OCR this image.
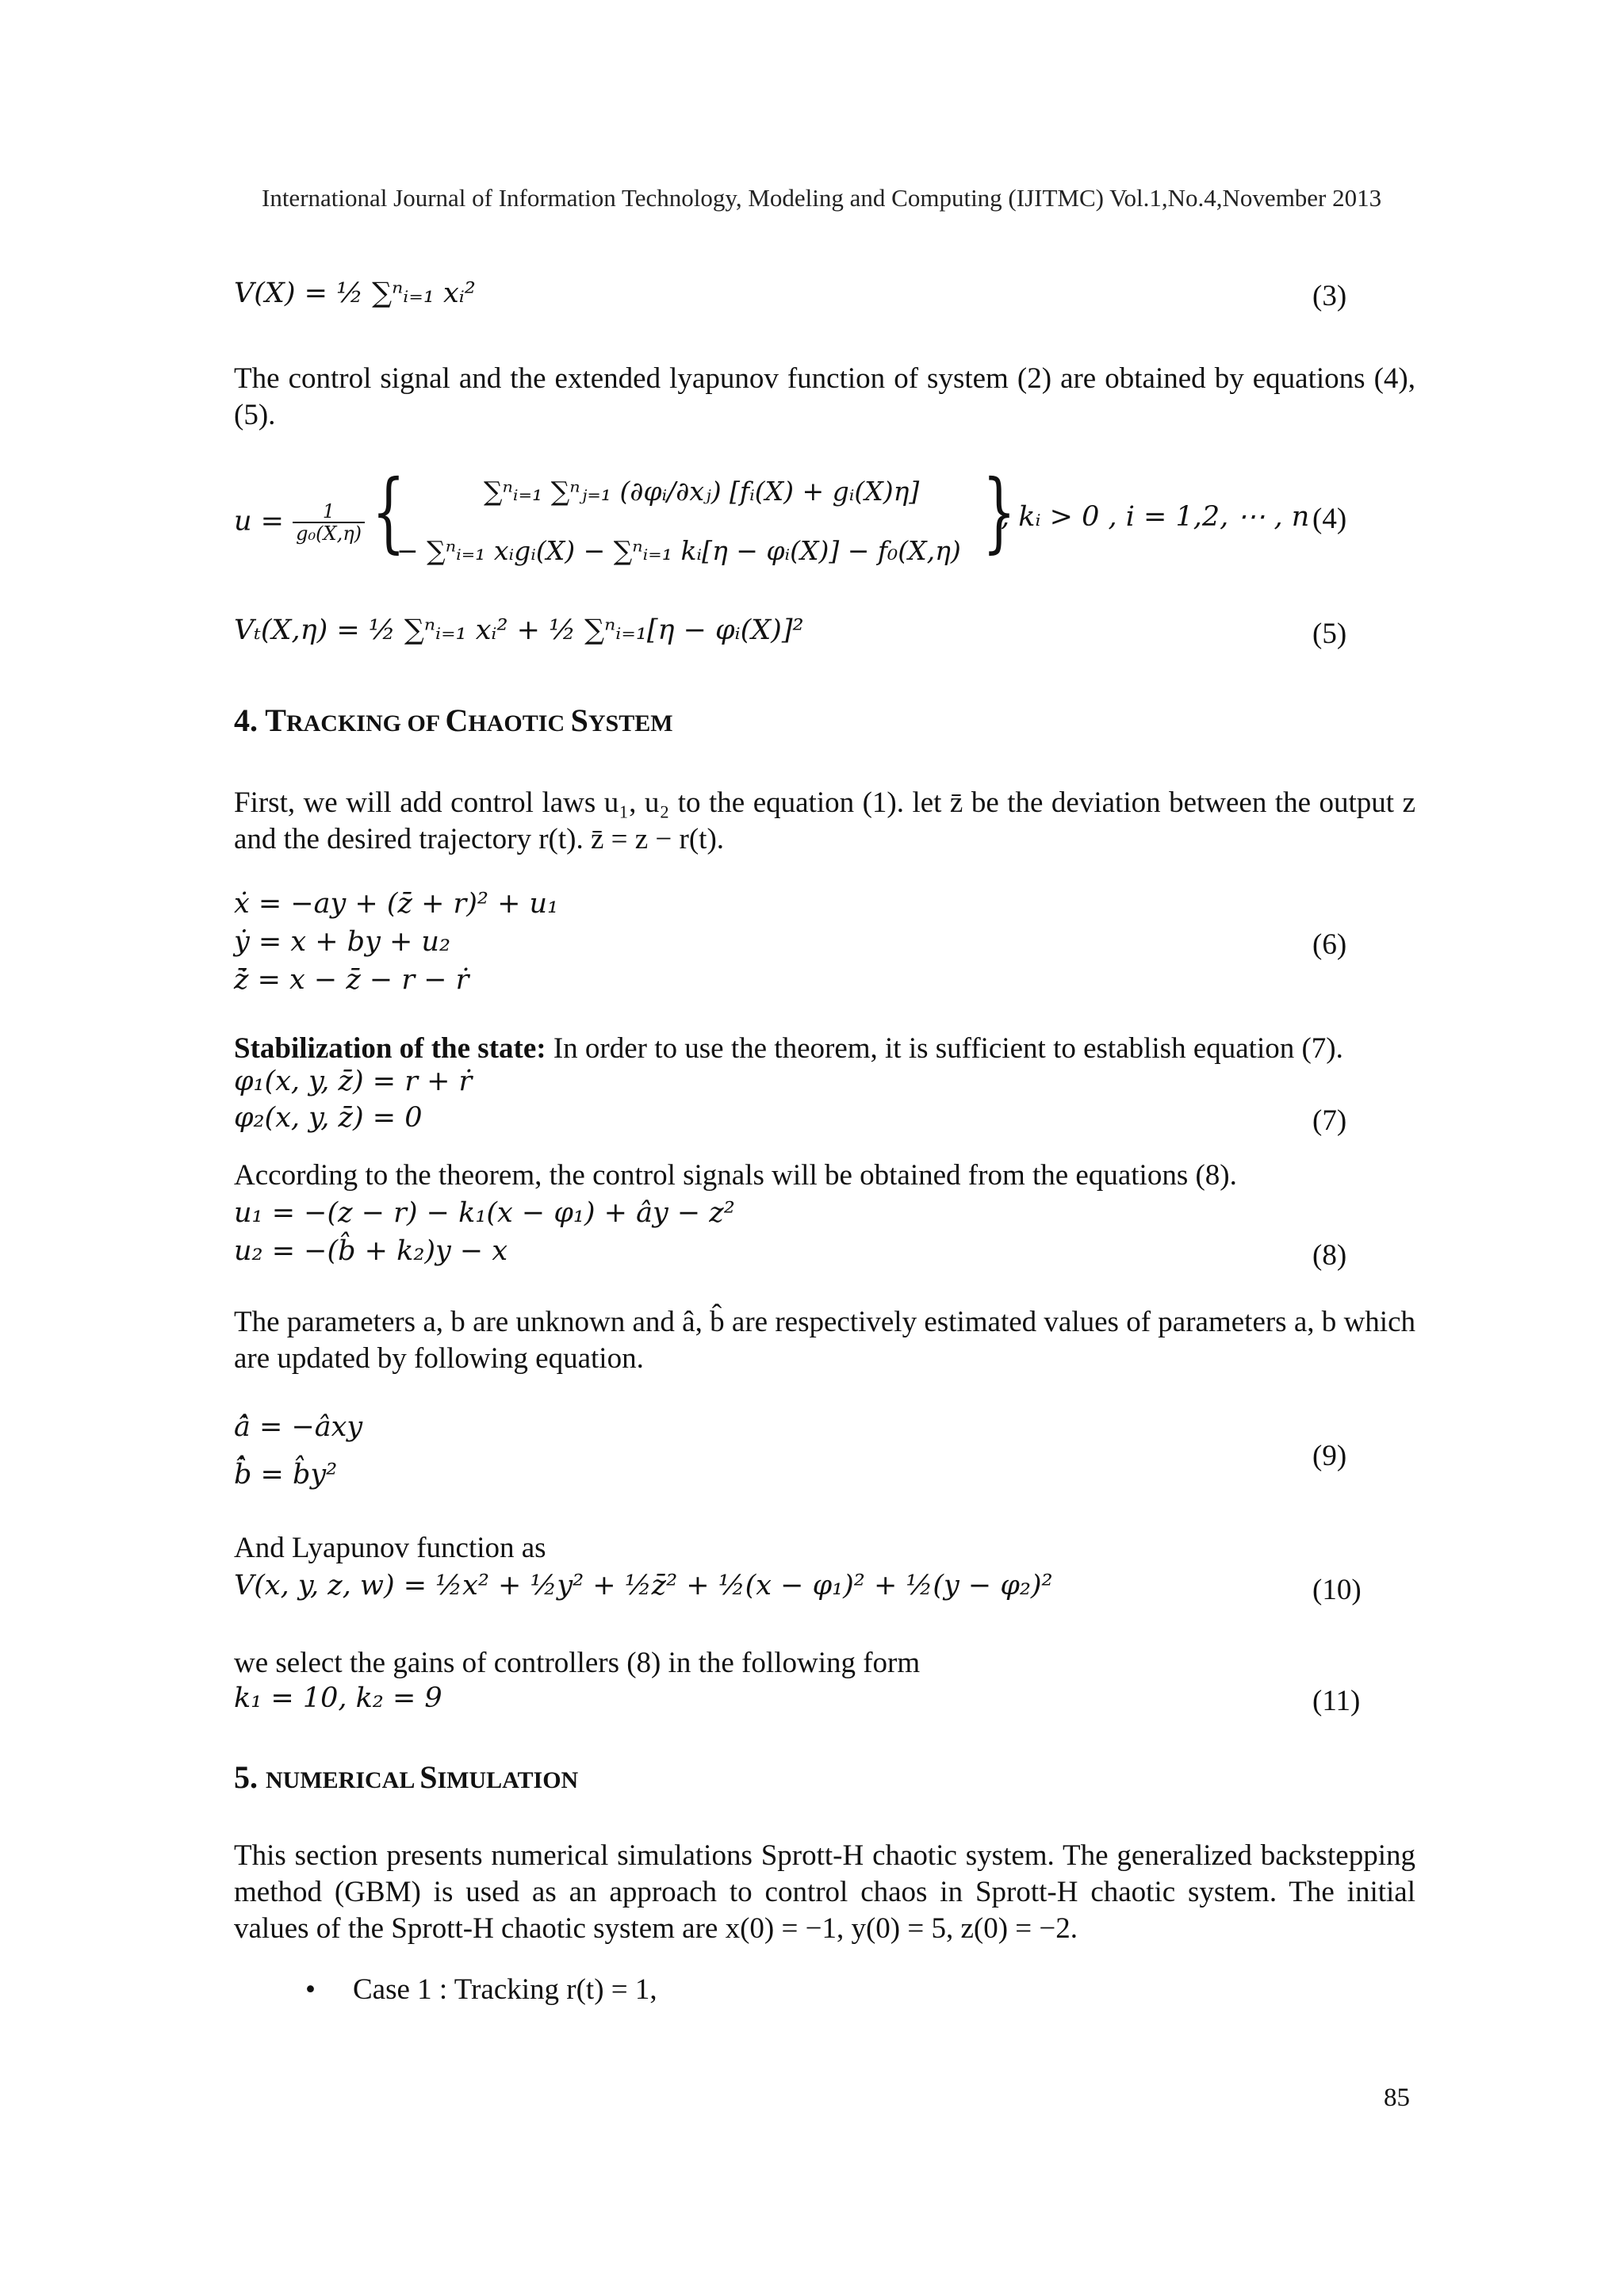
International Journal of Information Technology, Modeling and Computing (IJITMC) Vol.1,No.4,November 2013
V(X) = ½ ∑ⁿᵢ₌₁ xᵢ²	(3)
The control signal and the extended lyapunov function of system (2) are obtained by equations (4),(5).
$u = \frac{1}{\text{g₀(X,η)}}$ {	∑ⁿᵢ₌₁ ∑ⁿⱼ₌₁ (∂φᵢ/∂xⱼ) [fᵢ(X) + gᵢ(X)η]
− ∑ⁿᵢ₌₁ xᵢgᵢ(X) − ∑ⁿᵢ₌₁ kᵢ[η − φᵢ(X)] − f₀(X,η) }
, kᵢ > 0 , i = 1,2, ⋯ , n (4)
Vₜ(X,η) = ½ ∑ⁿᵢ₌₁ xᵢ² + ½ ∑ⁿᵢ₌₁[η − φᵢ(X)]²	(5)
4. TRACKING OF CHAOTIC SYSTEM
First, we will add control laws u₁, u₂ to the equation (1). let z̄ be the deviation between the output z and the desired trajectory r(t). z̄ = z − r(t).
ẋ = −ay + (z̄ + r)² + u₁
ẏ = x + by + u₂
ż̄ = x − z̄ − r − ṙ
(6)
Stabilization of the state: In order to use the theorem, it is sufficient to establish equation (7).
φ₁(x, y, z̄) = r + ṙ
φ₂(x, y, z̄) = 0	(7)
According to the theorem, the control signals will be obtained from the equations (8).
u₁ = −(z − r) − k₁(x − φ₁) + ây − z²
u₂ = −(b̂ + k₂)y − x	(8)
The parameters a, b are unknown and â, b̂ are respectively estimated values of parameters a, b which are updated by following equation.
â̇ = −âxy
b̂̇ = b̂y²
(9)
And Lyapunov function as
V(x, y, z, w) = ½x² + ½y² + ½z̄² + ½(x − φ₁)² + ½(y − φ₂)²	(10)
we select the gains of controllers (8) in the following form
k₁ = 10, k₂ = 9	(11)
5. NUMERICAL SIMULATION
This section presents numerical simulations Sprott-H chaotic system. The generalized backstepping method (GBM) is used as an approach to control chaos in Sprott-H chaotic system. The initial values of the Sprott-H chaotic system are x(0) = −1, y(0) = 5, z(0) = −2.
• Case 1 : Tracking r(t) = 1,
85
